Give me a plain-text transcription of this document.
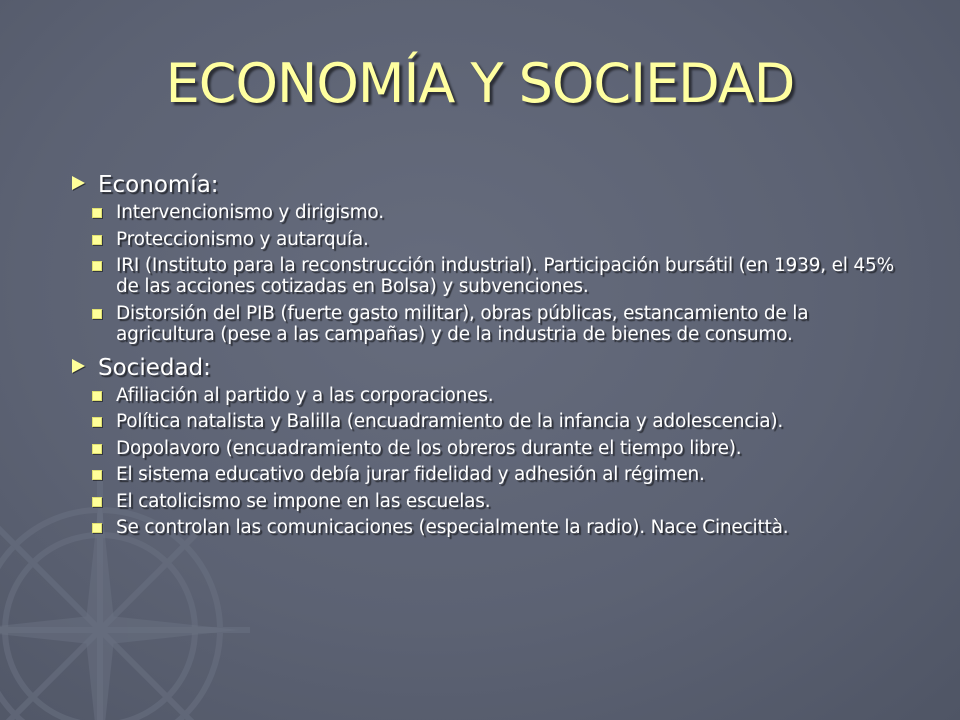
ECONOMÍA Y SOCIEDAD
Economía:
Intervencionismo y dirigismo.
Proteccionismo y autarquía.
IRI (Instituto para la reconstrucción industrial). Participación bursátil (en 1939, el 45% de las acciones cotizadas en Bolsa) y subvenciones.
Distorsión del PIB (fuerte gasto militar), obras públicas, estancamiento de la agricultura (pese a las campañas) y de la industria de bienes de consumo.
Sociedad:
Afiliación al partido y a las corporaciones.
Política natalista y Balilla (encuadramiento de la infancia y adolescencia).
Dopolavoro (encuadramiento de los obreros durante el tiempo libre).
El sistema educativo debía jurar fidelidad y adhesión al régimen.
El catolicismo se impone en las escuelas.
Se controlan las comunicaciones (especialmente la radio). Nace Cinecittà.
